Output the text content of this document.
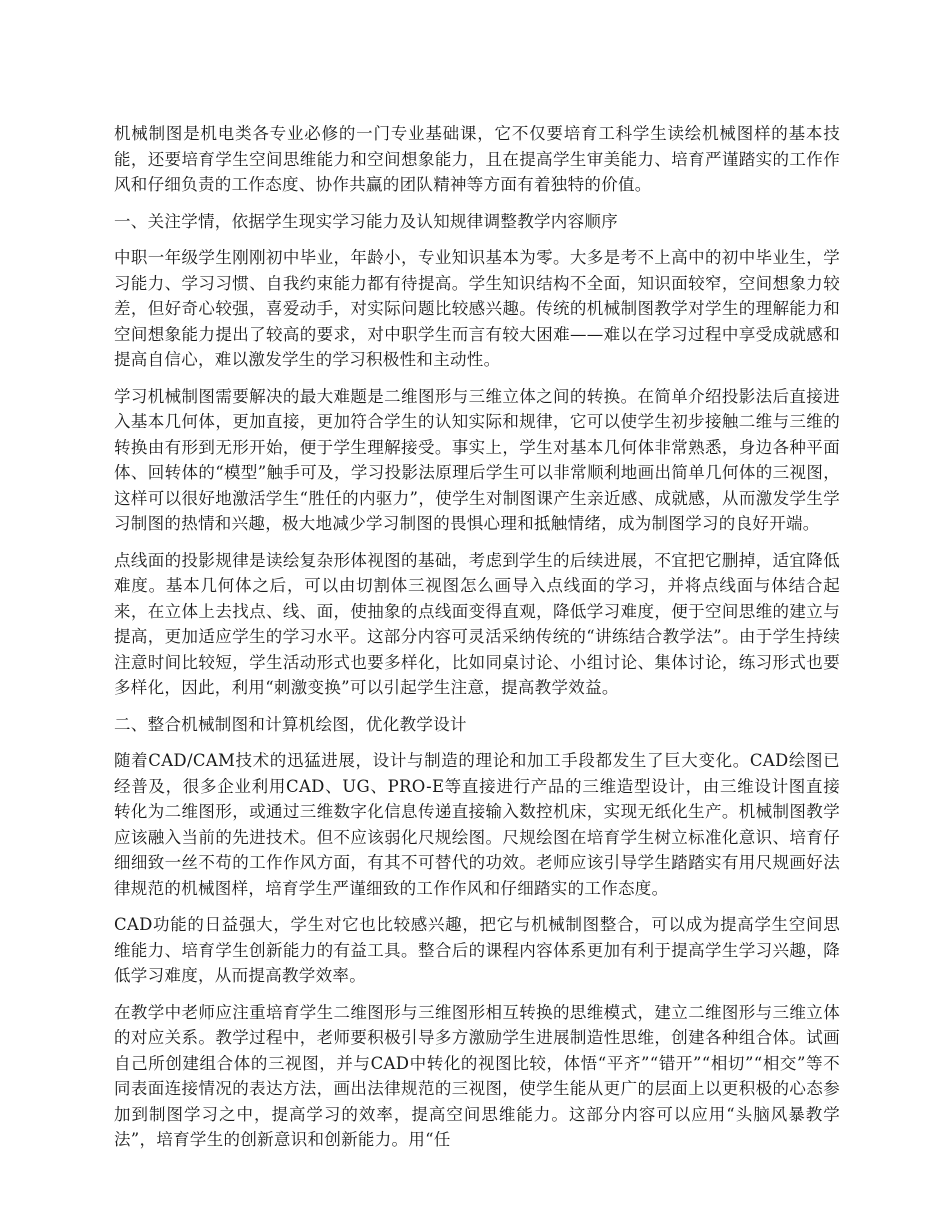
机械制图是机电类各专业必修的一门专业基础课，它不仅要培育工科学生读绘机械图样的基本技能，还要培育学生空间思维能力和空间想象能力，且在提高学生审美能力、培育严谨踏实的工作作风和仔细负责的工作态度、协作共赢的团队精神等方面有着独特的价值。

一、关注学情，依据学生现实学习能力及认知规律调整教学内容顺序

中职一年级学生刚刚初中毕业，年龄小，专业知识基本为零。大多是考不上高中的初中毕业生，学习能力、学习习惯、自我约束能力都有待提高。学生知识结构不全面，知识面较窄，空间想象力较差，但好奇心较强，喜爱动手，对实际问题比较感兴趣。传统的机械制图教学对学生的理解能力和空间想象能力提出了较高的要求，对中职学生而言有较大困难——难以在学习过程中享受成就感和提高自信心，难以激发学生的学习积极性和主动性。

学习机械制图需要解决的最大难题是二维图形与三维立体之间的转换。在简单介绍投影法后直接进入基本几何体，更加直接，更加符合学生的认知实际和规律，它可以使学生初步接触二维与三维的转换由有形到无形开始，便于学生理解接受。事实上，学生对基本几何体非常熟悉，身边各种平面体、回转体的“模型”触手可及，学习投影法原理后学生可以非常顺利地画出简单几何体的三视图，这样可以很好地激活学生“胜任的内驱力”，使学生对制图课产生亲近感、成就感，从而激发学生学习制图的热情和兴趣，极大地减少学习制图的畏惧心理和抵触情绪，成为制图学习的良好开端。

点线面的投影规律是读绘复杂形体视图的基础，考虑到学生的后续进展，不宜把它删掉，适宜降低难度。基本几何体之后，可以由切割体三视图怎么画导入点线面的学习，并将点线面与体结合起来，在立体上去找点、线、面，使抽象的点线面变得直观，降低学习难度，便于空间思维的建立与提高，更加适应学生的学习水平。这部分内容可灵活采纳传统的“讲练结合教学法”。由于学生持续注意时间比较短，学生活动形式也要多样化，比如同桌讨论、小组讨论、集体讨论，练习形式也要多样化，因此，利用“刺激变换”可以引起学生注意，提高教学效益。

二、整合机械制图和计算机绘图，优化教学设计

随着CAD/CAM技术的迅猛进展，设计与制造的理论和加工手段都发生了巨大变化。CAD绘图已经普及，很多企业利用CAD、UG、PRO-E等直接进行产品的三维造型设计，由三维设计图直接转化为二维图形，或通过三维数字化信息传递直接输入数控机床，实现无纸化生产。机械制图教学应该融入当前的先进技术。但不应该弱化尺规绘图。尺规绘图在培育学生树立标准化意识、培育仔细细致一丝不苟的工作作风方面，有其不可替代的功效。老师应该引导学生踏踏实有用尺规画好法律规范的机械图样，培育学生严谨细致的工作作风和仔细踏实的工作态度。

CAD功能的日益强大，学生对它也比较感兴趣，把它与机械制图整合，可以成为提高学生空间思维能力、培育学生创新能力的有益工具。整合后的课程内容体系更加有利于提高学生学习兴趣，降低学习难度，从而提高教学效率。

在教学中老师应注重培育学生二维图形与三维图形相互转换的思维模式，建立二维图形与三维立体的对应关系。教学过程中，老师要积极引导多方激励学生进展制造性思维，创建各种组合体。试画自己所创建组合体的三视图，并与CAD中转化的视图比较，体悟“平齐”“错开”“相切”“相交”等不同表面连接情况的表达方法，画出法律规范的三视图，使学生能从更广的层面上以更积极的心态参加到制图学习之中，提高学习的效率，提高空间思维能力。这部分内容可以应用“头脑风暴教学法”，培育学生的创新意识和创新能力。用“任
